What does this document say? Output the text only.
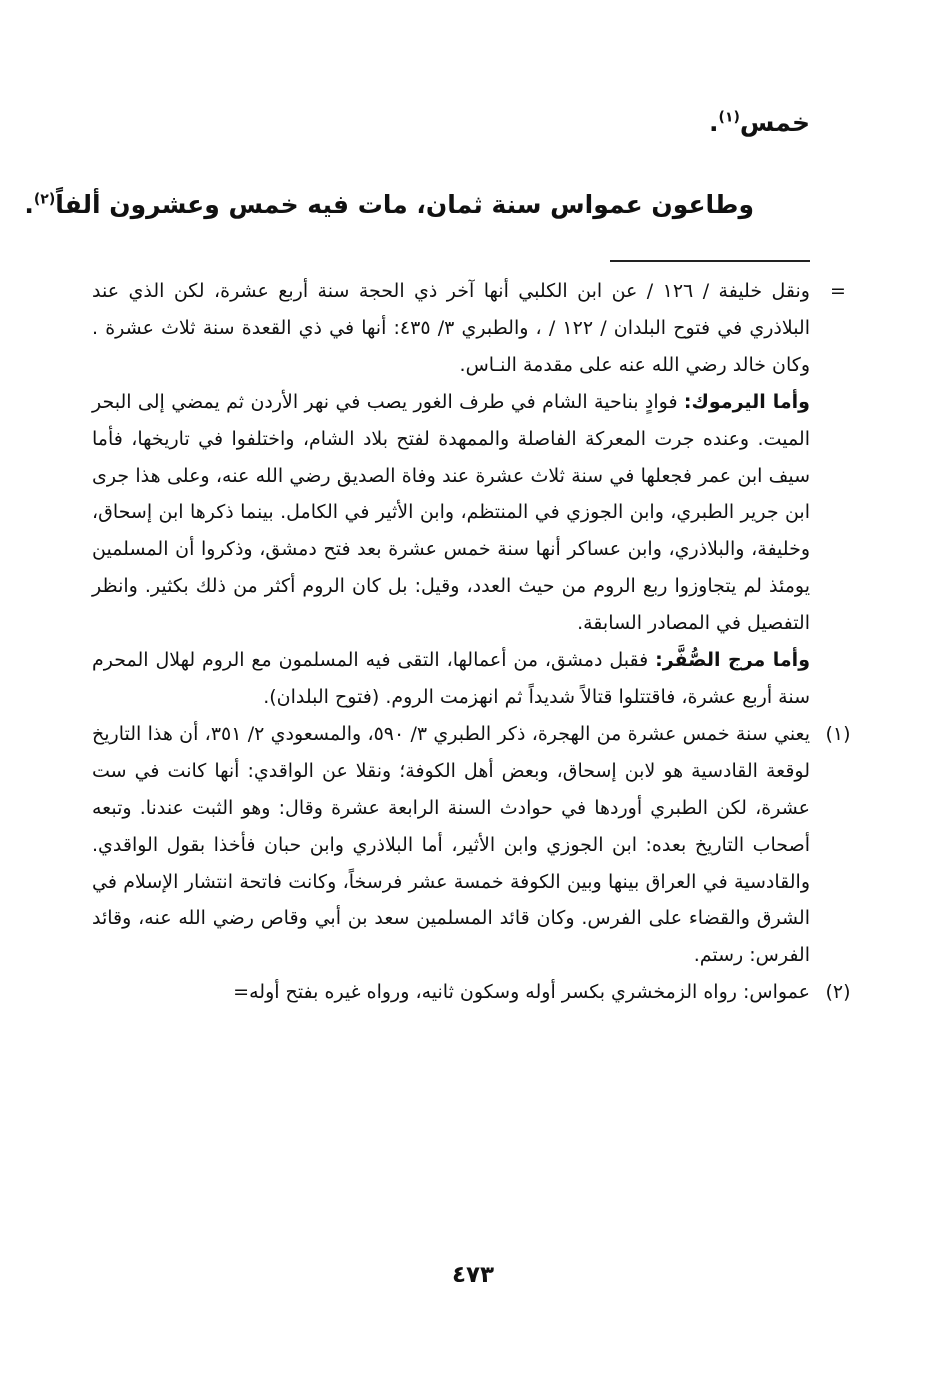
خمس$^{(١)}$.
وطاعون عمواس سنة ثمان، مات فيه خمس وعشرون ألفاً$^{(٢)}$.
=
ونقل خليفة / ١٢٦ / عن ابن الكلبي أنها آخر ذي الحجة سنة أربع عشرة، لكن الذي عند البلاذري في فتوح البلدان / ١٢٢ / ، والطبري ٣/ ٤٣٥: أنها في ذي القعدة سنة ثلاث عشرة . وكان خالد رضي الله عنه على مقدمة النـاس.
وأما اليرموك: فوادٍ بناحية الشام في طرف الغور يصب في نهر الأردن ثم يمضي إلى البحر الميت. وعنده جرت المعركة الفاصلة والممهدة لفتح بلاد الشام، واختلفوا في تاريخها، فأما سيف ابن عمر فجعلها في سنة ثلاث عشرة عند وفاة الصديق رضي الله عنه، وعلى هذا جرى ابن جرير الطبري، وابن الجوزي في المنتظم، وابن الأثير في الكامل. بينما ذكرها ابن إسحاق، وخليفة، والبلاذري، وابن عساكر أنها سنة خمس عشرة بعد فتح دمشق، وذكروا أن المسلمين يومئذ لم يتجاوزوا ربع الروم من حيث العدد، وقيل: بل كان الروم أكثر من ذلك بكثير. وانظر التفصيل في المصادر السابقة.
وأما مرج الصُّفَّر: فقبل دمشق، من أعمالها، التقى فيه المسلمون مع الروم لهلال المحرم سنة أربع عشرة، فاقتتلوا قتالاً شديداً ثم انهزمت الروم. (فتوح البلدان).
(١)
يعني سنة خمس عشرة من الهجرة، ذكر الطبري ٣/ ٥٩٠، والمسعودي ٢/ ٣٥١، أن هذا التاريخ لوقعة القادسية هو لابن إسحاق، وبعض أهل الكوفة؛ ونقلا عن الواقدي: أنها كانت في ست عشرة، لكن الطبري أوردها في حوادث السنة الرابعة عشرة وقال: وهو الثبت عندنا. وتبعه أصحاب التاريخ بعده: ابن الجوزي وابن الأثير، أما البلاذري وابن حبان فأخذا بقول الواقدي. والقادسية في العراق بينها وبين الكوفة خمسة عشر فرسخاً، وكانت فاتحة انتشار الإسلام في الشرق والقضاء على الفرس. وكان قائد المسلمين سعد بن أبي وقاص رضي الله عنه، وقائد الفرس: رستم.
(٢)
عمواس: رواه الزمخشري بكسر أوله وسكون ثانيه، ورواه غيره بفتح أوله=
٤٧٣
